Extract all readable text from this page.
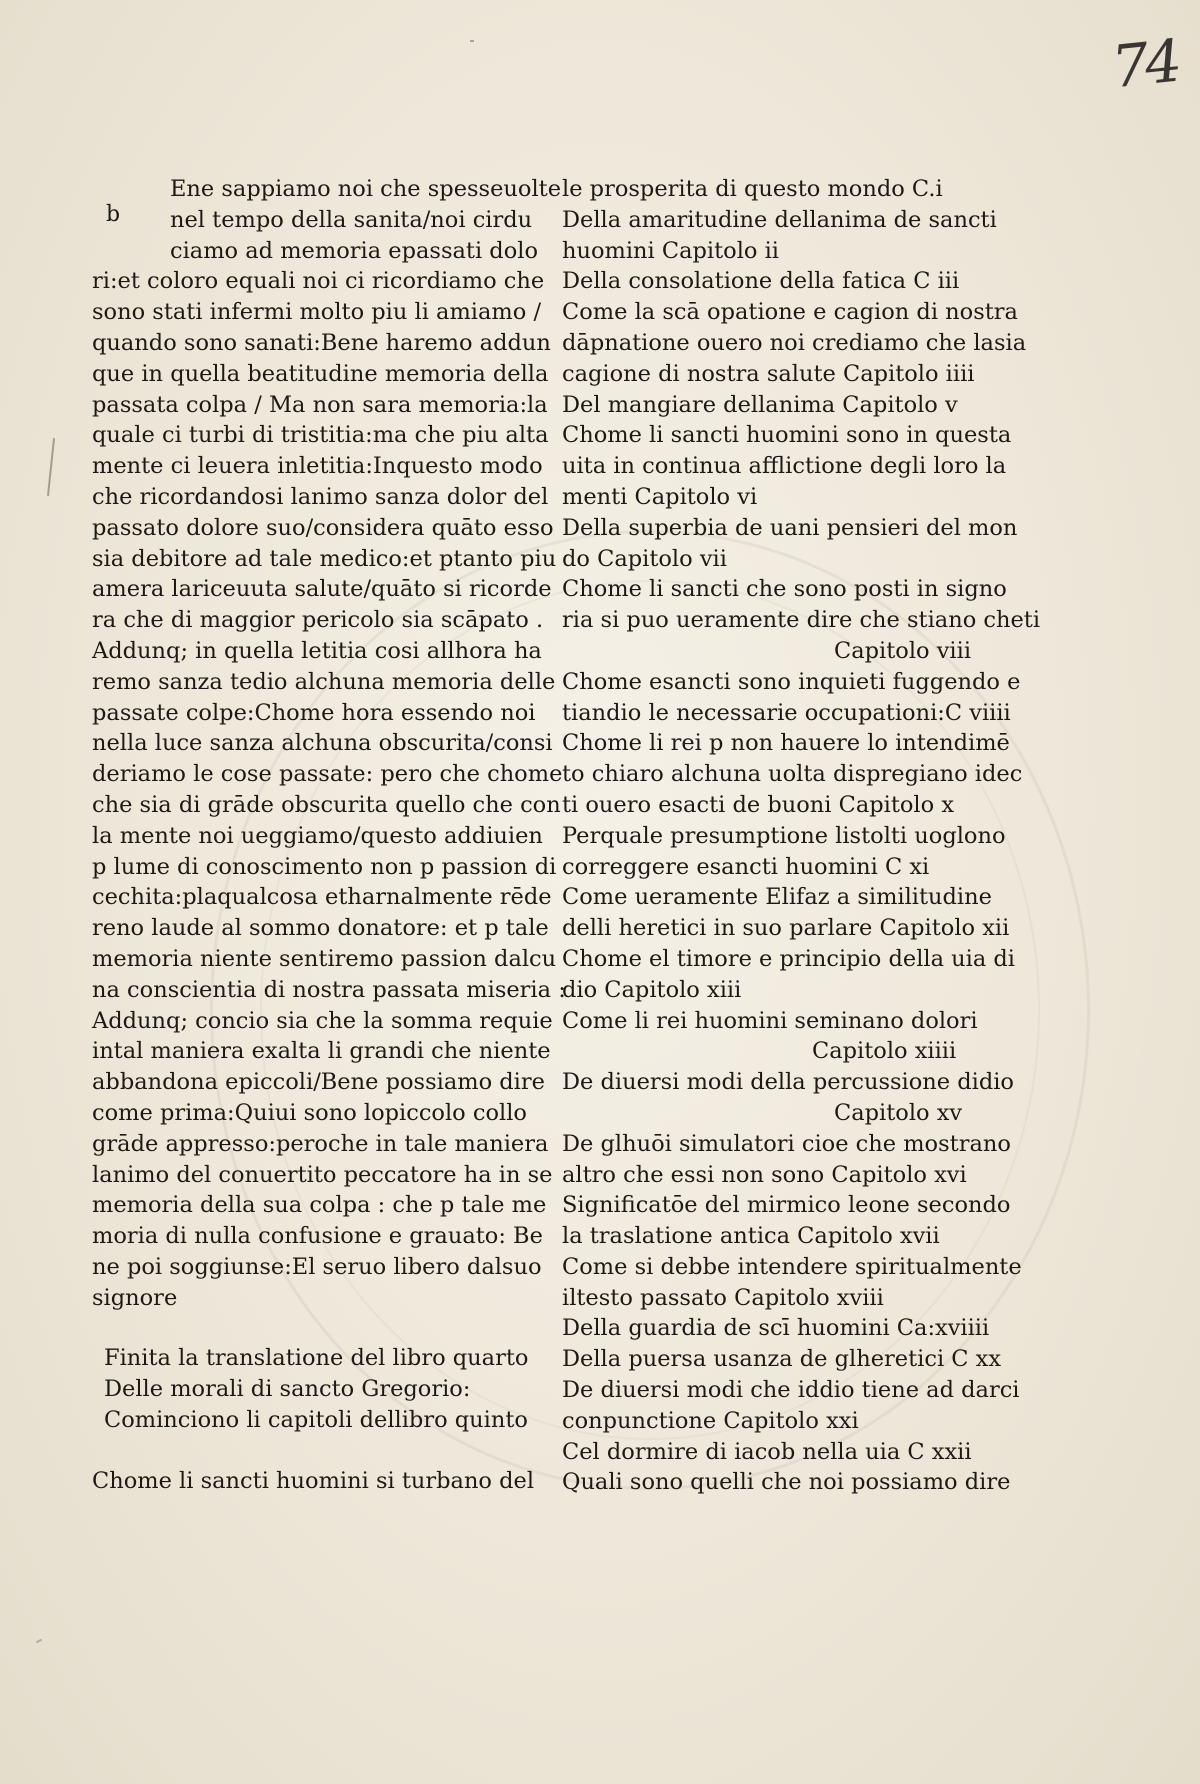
74
b
Ene sappiamo noi che spesseuolte
nel tempo della sanita/noi cirdu
ciamo ad memoria epassati dolo
ri:et coloro equali noi ci ricordiamo che
sono stati infermi molto piu li amiamo /
quando sono sanati:Bene haremo addun
que in quella beatitudine memoria della
passata colpa / Ma non sara memoria:la
quale ci turbi di tristitia:ma che piu alta
mente ci leuera inletitia:Inquesto modo
che ricordandosi lanimo sanza dolor del
passato dolore suo/considera quāto esso
sia debitore ad tale medico:et ptanto piu
amera lariceuuta salute/quāto si ricorde
ra che di maggior pericolo sia scāpato .
Addunq; in quella letitia cosi allhora ha
remo sanza tedio alchuna memoria delle
passate colpe:Chome hora essendo noi
nella luce sanza alchuna obscurita/consi
deriamo le cose passate: pero che chome
che sia di grāde obscurita quello che con
la mente noi ueggiamo/questo addiuien
p lume di conoscimento non p passion di
cechita:plaqualcosa etharnalmente rēde
reno laude al sommo donatore: et p tale
memoria niente sentiremo passion dalcu
na conscientia di nostra passata miseria :
Addunq; concio sia che la somma requie
intal maniera exalta li grandi che niente
abbandona epiccoli/Bene possiamo dire
come prima:Quiui sono lopiccolo collo
grāde appresso:peroche in tale maniera
lanimo del conuertito peccatore ha in se
memoria della sua colpa : che p tale me
moria di nulla confusione e grauato: Be
ne poi soggiunse:El seruo libero dalsuo
signore
Finita la translatione del libro quarto
Delle morali di sancto Gregorio:
Cominciono li capitoli dellibro quinto
Chome li sancti huomini si turbano del
le prosperita di questo mondo C.i
Della amaritudine dellanima de sancti
huomini Capitolo ii
Della consolatione della fatica C iii
Come la scā opatione e cagion di nostra
dāpnatione ouero noi crediamo che lasia
cagione di nostra salute Capitolo iiii
Del mangiare dellanima Capitolo v
Chome li sancti huomini sono in questa
uita in continua afflictione degli loro la
menti Capitolo vi
Della superbia de uani pensieri del mon
do Capitolo vii
Chome li sancti che sono posti in signo
ria si puo ueramente dire che stiano cheti
Capitolo viii
Chome esancti sono inquieti fuggendo e
tiandio le necessarie occupationi:C viiii
Chome li rei p non hauere lo intendimē
to chiaro alchuna uolta dispregiano idec
ti ouero esacti de buoni Capitolo x
Perquale presumptione listolti uoglono
correggere esancti huomini C xi
Come ueramente Elifaz a similitudine
delli heretici in suo parlare Capitolo xii
Chome el timore e principio della uia di
dio Capitolo xiii
Come li rei huomini seminano dolori
Capitolo xiiii
De diuersi modi della percussione didio
Capitolo xv
De glhuōi simulatori cioe che mostrano
altro che essi non sono Capitolo xvi
Significatōe del mirmico leone secondo
la traslatione antica Capitolo xvii
Come si debbe intendere spiritualmente
iltesto passato Capitolo xviii
Della guardia de scī huomini Ca:xviiii
Della puersa usanza de glheretici C xx
De diuersi modi che iddio tiene ad darci
conpunctione Capitolo xxi
Cel dormire di iacob nella uia C xxii
Quali sono quelli che noi possiamo dire
